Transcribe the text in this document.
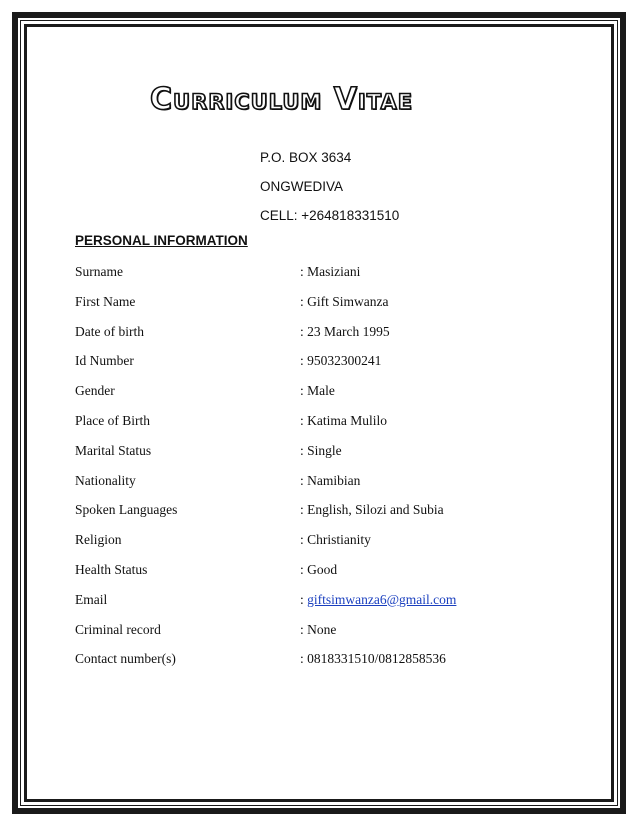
Curriculum Vitae
P.O. BOX 3634
ONGWEDIVA
CELL: +264818331510
PERSONAL INFORMATION
Surname	: Masiziani
First Name	: Gift Simwanza
Date of birth	: 23 March 1995
Id Number	: 95032300241
Gender	: Male
Place of Birth	: Katima Mulilo
Marital Status	: Single
Nationality	: Namibian
Spoken Languages	: English, Silozi and Subia
Religion	: Christianity
Health Status	: Good
Email	: giftsimwanza6@gmail.com
Criminal record	: None
Contact number(s)	: 0818331510/0812858536
